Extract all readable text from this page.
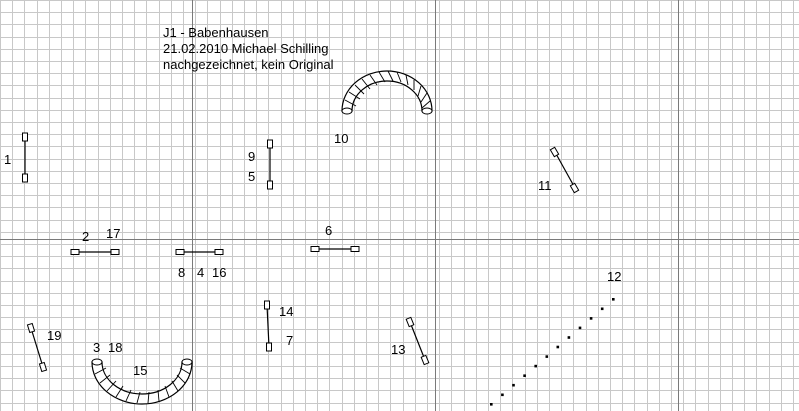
J1 - Babenhausen
21.02.2010 Michael Schilling
nachgezeichnet, kein Original
1
2 17
8 4 16
9
5
10
6
11
12
13
14
7
19
3 18
15
